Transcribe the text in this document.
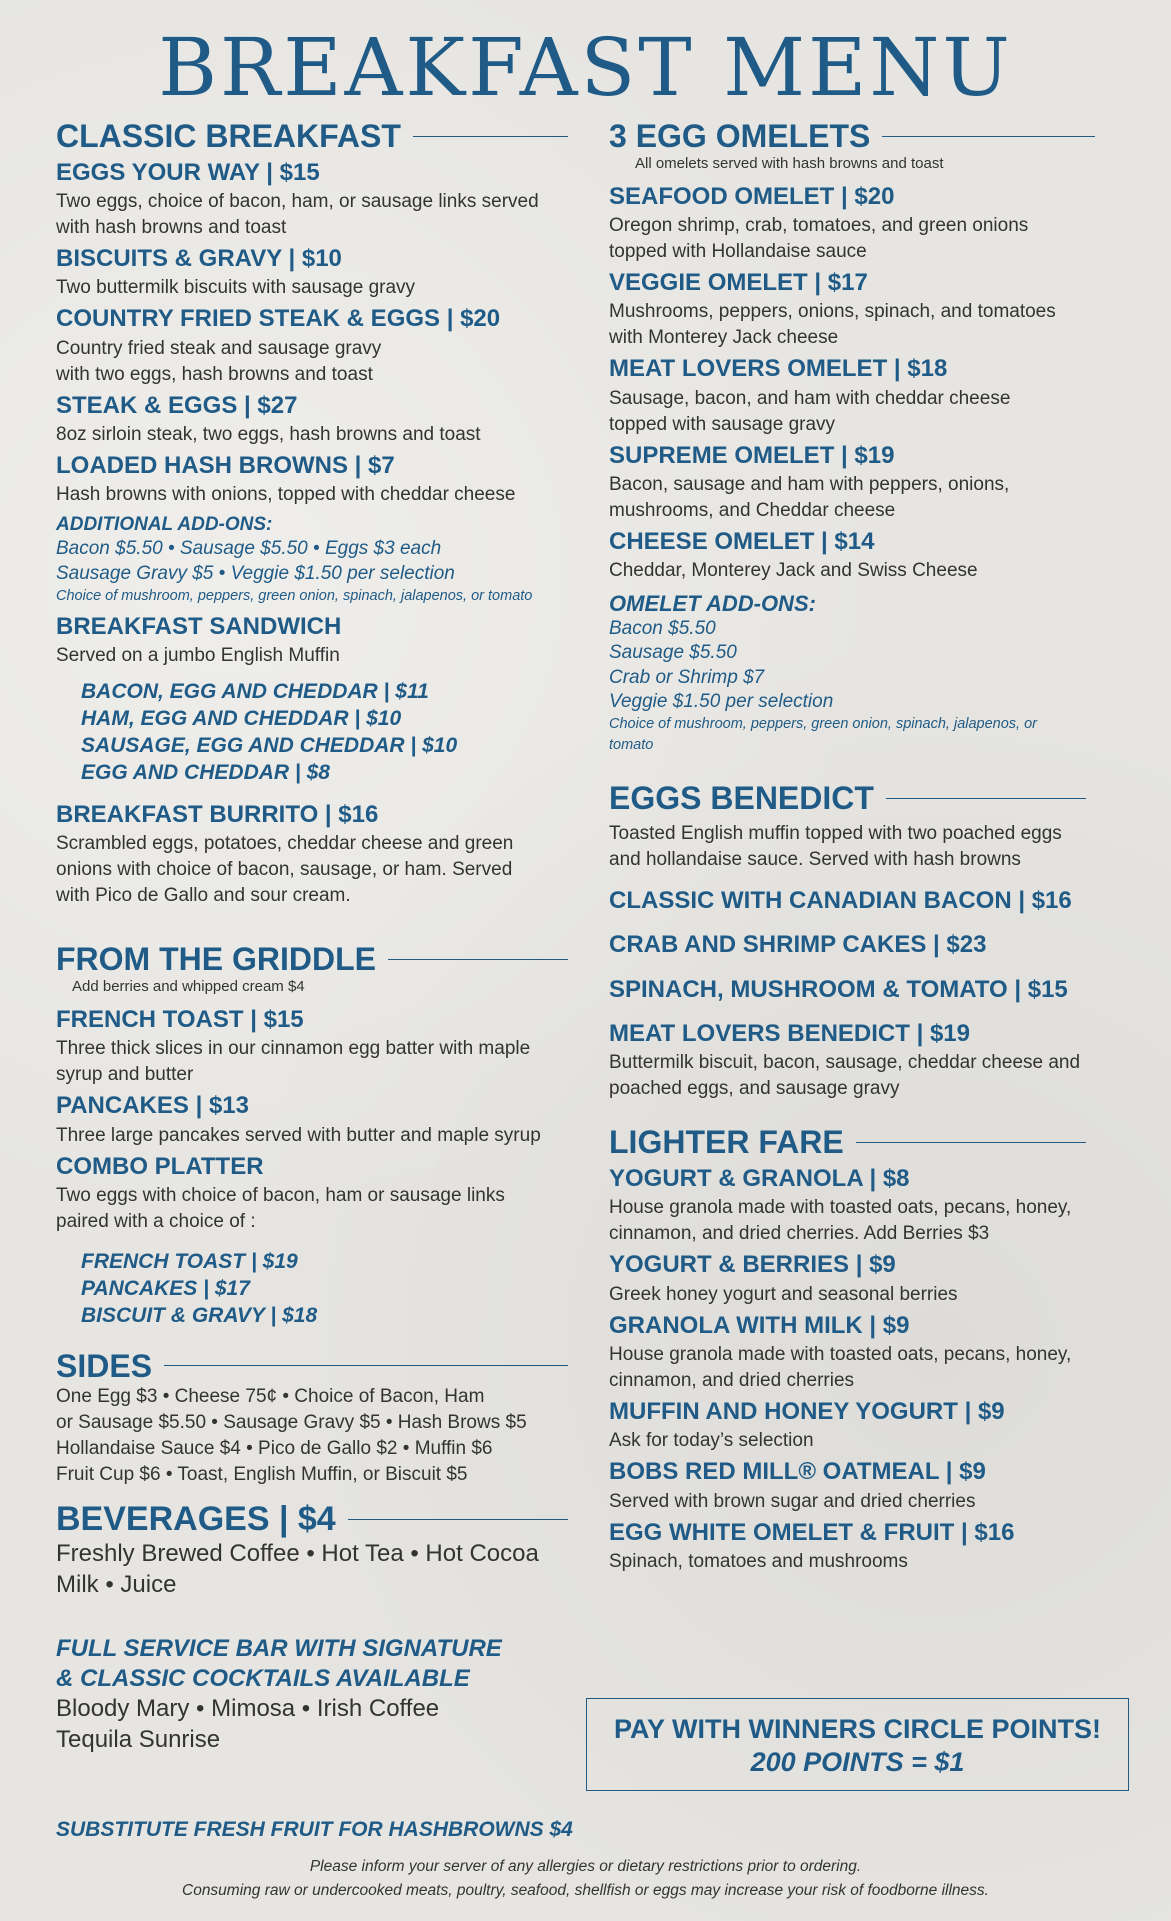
BREAKFAST MENU
CLASSIC BREAKFAST
EGGS YOUR WAY | $15

Two eggs, choice of bacon, ham, or sausage links served with hash browns and toast

BISCUITS & GRAVY | $10

Two buttermilk biscuits with sausage gravy

COUNTRY FRIED STEAK & EGGS | $20

Country fried steak and sausage gravy with two eggs, hash browns and toast

STEAK & EGGS | $27

8oz sirloin steak, two eggs, hash browns and toast

LOADED HASH BROWNS | $7

Hash browns with onions, topped with cheddar cheese

ADDITIONAL ADD-ONS:
Bacon $5.50 • Sausage $5.50 • Eggs $3 each
Sausage Gravy $5 • Veggie $1.50 per selection
Choice of mushroom, peppers, green onion, spinach, jalapenos, or tomato
BREAKFAST SANDWICH

Served on a jumbo English Muffin

BACON, EGG AND CHEDDAR | $11
HAM, EGG AND CHEDDAR | $10
SAUSAGE, EGG AND CHEDDAR | $10
EGG AND CHEDDAR | $8
BREAKFAST BURRITO | $16

Scrambled eggs, potatoes, cheddar cheese and green onions with choice of bacon, sausage, or ham. Served with Pico de Gallo and sour cream.

FROM THE GRIDDLE
Add berries and whipped cream $4
FRENCH TOAST | $15

Three thick slices in our cinnamon egg batter with maple syrup and butter

PANCAKES | $13

Three large pancakes served with butter and maple syrup

COMBO PLATTER

Two eggs with choice of bacon, ham or sausage links paired with a choice of :

FRENCH TOAST | $19
PANCAKES | $17
BISCUIT & GRAVY | $18
SIDES
One Egg $3 • Cheese 75¢ • Choice of Bacon, Ham
or Sausage $5.50 • Sausage Gravy $5 • Hash Brows $5
Hollandaise Sauce $4 • Pico de Gallo $2 • Muffin $6
Fruit Cup $6 • Toast, English Muffin, or Biscuit $5
BEVERAGES | $4
Freshly Brewed Coffee • Hot Tea • Hot Cocoa
Milk • Juice
FULL SERVICE BAR WITH SIGNATURE
& CLASSIC COCKTAILS AVAILABLE
Bloody Mary • Mimosa • Irish Coffee
Tequila Sunrise
3 EGG OMELETS
All omelets served with hash browns and toast
SEAFOOD OMELET | $20

Oregon shrimp, crab, tomatoes, and green onions topped with Hollandaise sauce

VEGGIE OMELET | $17

Mushrooms, peppers, onions, spinach, and tomatoes with Monterey Jack cheese

MEAT LOVERS OMELET | $18

Sausage, bacon, and ham with cheddar cheese topped with sausage gravy

SUPREME OMELET | $19

Bacon, sausage and ham with peppers, onions, mushrooms, and Cheddar cheese

CHEESE OMELET | $14

Cheddar, Monterey Jack and Swiss Cheese

OMELET ADD-ONS:
Bacon $5.50
Sausage $5.50
Crab or Shrimp $7
Veggie $1.50 per selection
Choice of mushroom, peppers, green onion, spinach, jalapenos, or tomato
EGGS BENEDICT

Toasted English muffin topped with two poached eggs and hollandaise sauce. Served with hash browns

CLASSIC WITH CANADIAN BACON | $16
CRAB AND SHRIMP CAKES | $23
SPINACH, MUSHROOM & TOMATO | $15
MEAT LOVERS BENEDICT | $19

Buttermilk biscuit, bacon, sausage, cheddar cheese and poached eggs, and sausage gravy

LIGHTER FARE
YOGURT & GRANOLA | $8

House granola made with toasted oats, pecans, honey, cinnamon, and dried cherries. Add Berries $3

YOGURT & BERRIES | $9

Greek honey yogurt and seasonal berries

GRANOLA WITH MILK | $9

House granola made with toasted oats, pecans, honey, cinnamon, and dried cherries

MUFFIN AND HONEY YOGURT | $9

Ask for today’s selection

BOBS RED MILL® OATMEAL | $9

Served with brown sugar and dried cherries

EGG WHITE OMELET & FRUIT | $16

Spinach, tomatoes and mushrooms

PAY WITH WINNERS CIRCLE POINTS!
200 POINTS = $1
SUBSTITUTE FRESH FRUIT FOR HASHBROWNS $4
Please inform your server of any allergies or dietary restrictions prior to ordering.
Consuming raw or undercooked meats, poultry, seafood, shellfish or eggs may increase your risk of foodborne illness.
